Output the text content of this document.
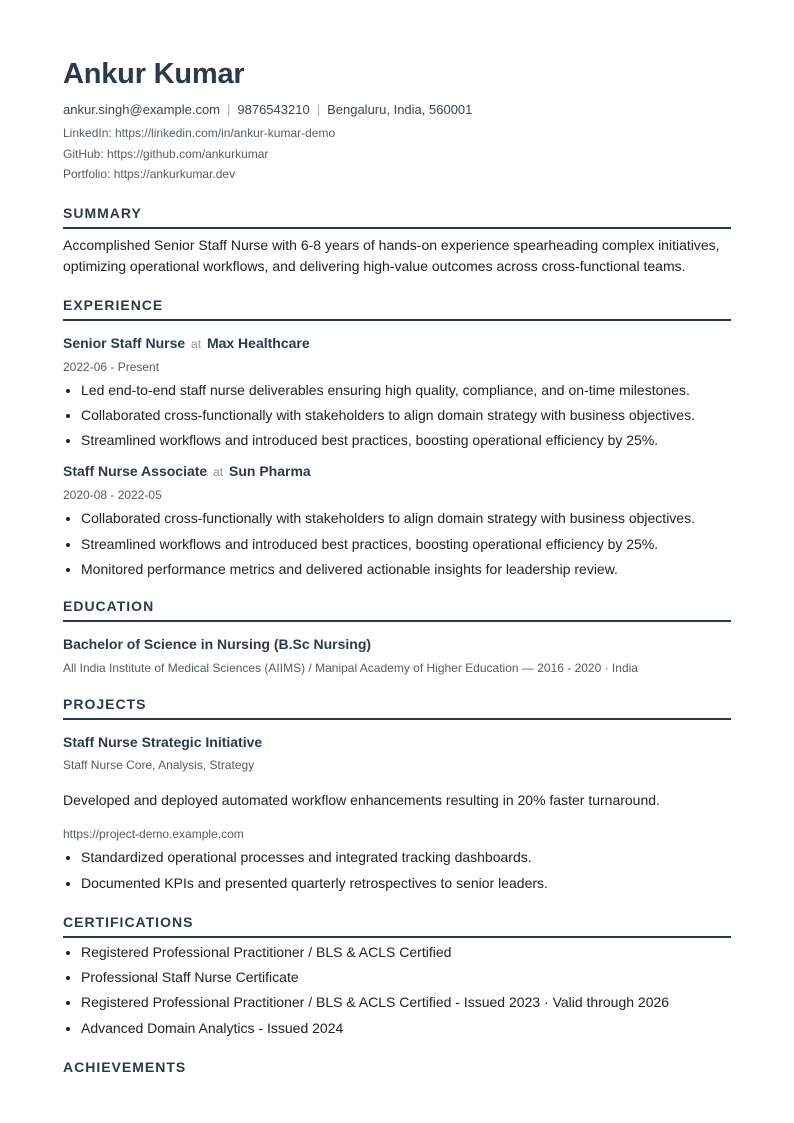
Ankur Kumar
ankur.singh@example.com | 9876543210 | Bengaluru, India, 560001
LinkedIn: https://linkedin.com/in/ankur-kumar-demo
GitHub: https://github.com/ankurkumar
Portfolio: https://ankurkumar.dev
SUMMARY
Accomplished Senior Staff Nurse with 6-8 years of hands-on experience spearheading complex initiatives, optimizing operational workflows, and delivering high-value outcomes across cross-functional teams.
EXPERIENCE
Senior Staff Nurse at Max Healthcare
2022-06 - Present
• Led end-to-end staff nurse deliverables ensuring high quality, compliance, and on-time milestones.
• Collaborated cross-functionally with stakeholders to align domain strategy with business objectives.
• Streamlined workflows and introduced best practices, boosting operational efficiency by 25%.
Staff Nurse Associate at Sun Pharma
2020-08 - 2022-05
• Collaborated cross-functionally with stakeholders to align domain strategy with business objectives.
• Streamlined workflows and introduced best practices, boosting operational efficiency by 25%.
• Monitored performance metrics and delivered actionable insights for leadership review.
EDUCATION
Bachelor of Science in Nursing (B.Sc Nursing)
All India Institute of Medical Sciences (AIIMS) / Manipal Academy of Higher Education — 2016 - 2020 · India
PROJECTS
Staff Nurse Strategic Initiative
Staff Nurse Core, Analysis, Strategy
Developed and deployed automated workflow enhancements resulting in 20% faster turnaround.
https://project-demo.example.com
• Standardized operational processes and integrated tracking dashboards.
• Documented KPIs and presented quarterly retrospectives to senior leaders.
CERTIFICATIONS
• Registered Professional Practitioner / BLS & ACLS Certified
• Professional Staff Nurse Certificate
• Registered Professional Practitioner / BLS & ACLS Certified - Issued 2023 · Valid through 2026
• Advanced Domain Analytics - Issued 2024
ACHIEVEMENTS
